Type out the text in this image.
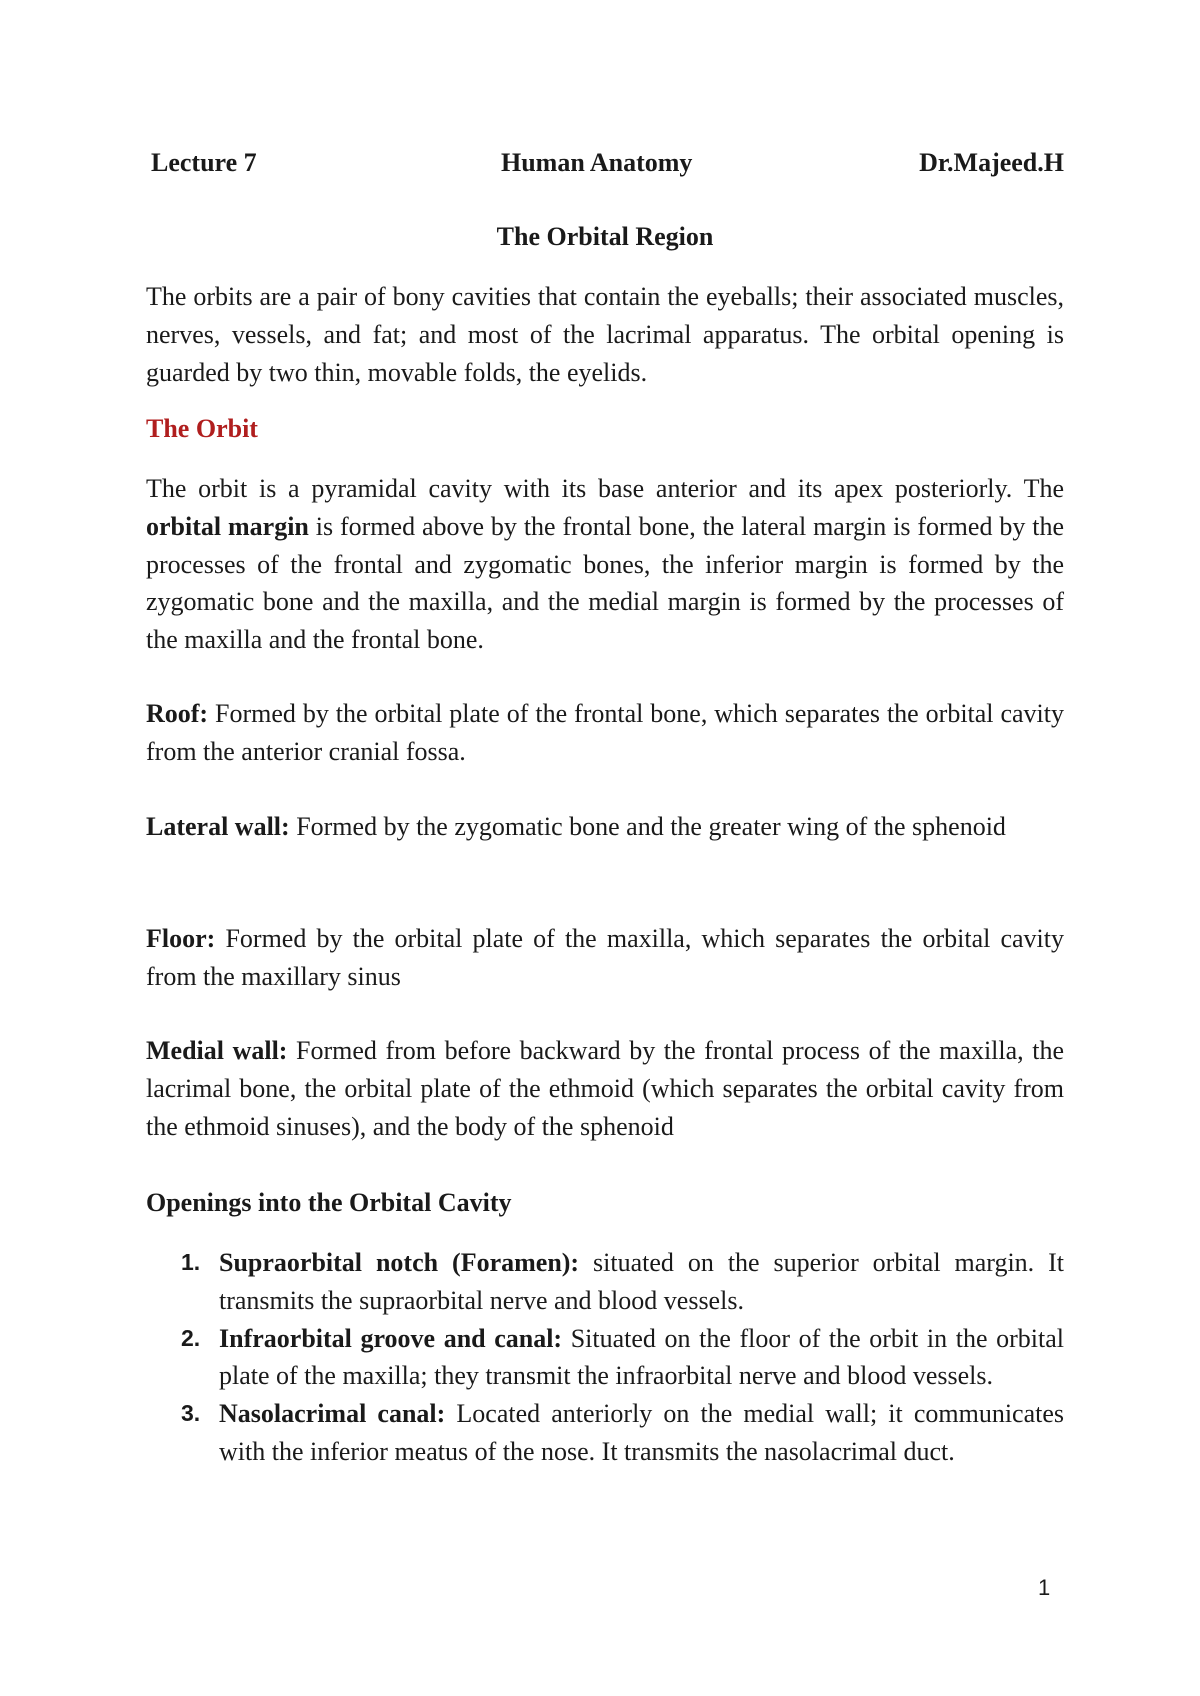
Lecture 7	Human Anatomy	Dr.Majeed.H
The Orbital Region

The orbits are a pair of bony cavities that contain the eyeballs; their associated muscles, nerves, vessels, and fat; and most of the lacrimal apparatus. The orbital opening is guarded by two thin, movable folds, the eyelids.

The Orbit

The orbit is a pyramidal cavity with its base anterior and its apex posteriorly. The orbital margin is formed above by the frontal bone, the lateral margin is formed by the processes of the frontal and zygomatic bones, the inferior margin is formed by the zygomatic bone and the maxilla, and the medial margin is formed by the processes of the maxilla and the frontal bone.

Roof: Formed by the orbital plate of the frontal bone, which separates the orbital cavity from the anterior cranial fossa.

Lateral wall: Formed by the zygomatic bone and the greater wing of the sphenoid

Floor: Formed by the orbital plate of the maxilla, which separates the orbital cavity from the maxillary sinus

Medial wall: Formed from before backward by the frontal process of the maxilla, the lacrimal bone, the orbital plate of the ethmoid (which separates the orbital cavity from the ethmoid sinuses), and the body of the sphenoid

Openings into the Orbital Cavity
1. Supraorbital notch (Foramen): situated on the superior orbital margin. It transmits the supraorbital nerve and blood vessels.
2. Infraorbital groove and canal: Situated on the floor of the orbit in the orbital plate of the maxilla; they transmit the infraorbital nerve and blood vessels.
3. Nasolacrimal canal: Located anteriorly on the medial wall; it communicates with the inferior meatus of the nose. It transmits the nasolacrimal duct.
1
